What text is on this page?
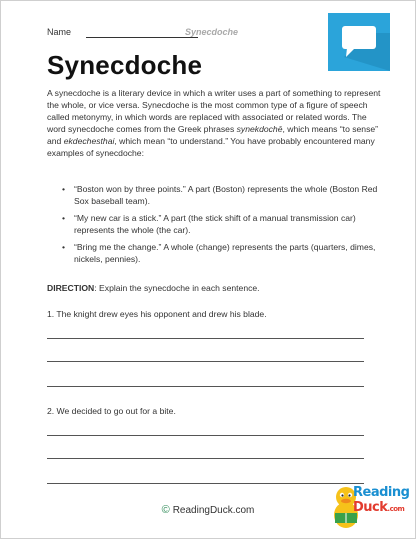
Name	Synecdoche
Synecdoche

A synecdoche is a literary device in which a writer uses a part of something to represent the whole, or vice versa. Synecdoche is the most common type of a figure of speech called metonymy, in which words are replaced with associated or related words. The word synecdoche comes from the Greek phrases synekdochē, which means “to sense” and ekdechesthai, which mean “to understand.” You have probably encountered many examples of synecdoche:

• “Boston won by three points.” A part (Boston) represents the whole (Boston Red Sox baseball team).
• “My new car is a stick.” A part (the stick shift of a manual transmission car) represents the whole (the car).
• “Bring me the change.” A whole (change) represents the parts (quarters, dimes, nickels, pennies).

DIRECTION: Explain the synecdoche in each sentence.

1. The knight drew eyes his opponent and drew his blade.

2. We decided to go out for a bite.

© ReadingDuck.com
Reading
Duck.com
